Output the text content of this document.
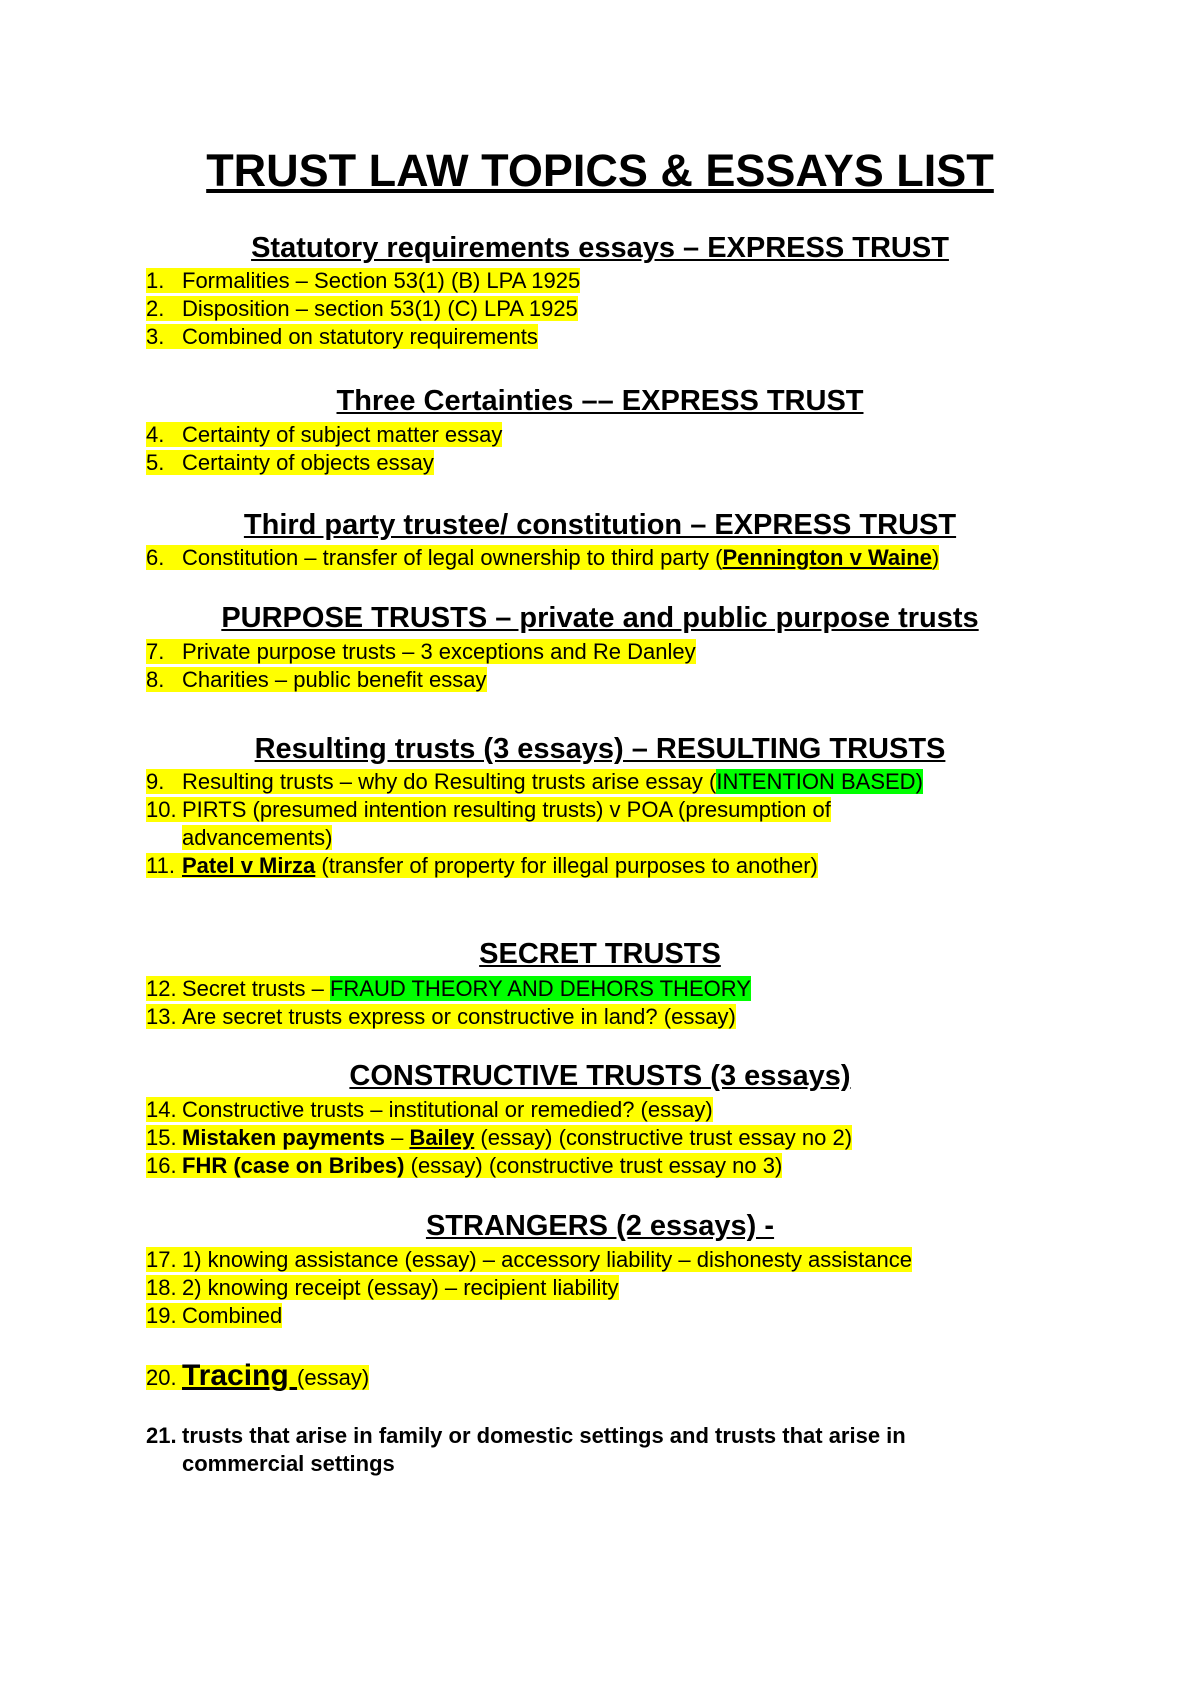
TRUST LAW TOPICS & ESSAYS LIST
Statutory requirements essays – EXPRESS TRUST
1. Formalities – Section 53(1) (B) LPA 1925
2. Disposition – section 53(1) (C) LPA 1925
3. Combined on statutory requirements
Three Certainties –– EXPRESS TRUST
4. Certainty of subject matter essay
5. Certainty of objects essay
Third party trustee/ constitution – EXPRESS TRUST
6. Constitution – transfer of legal ownership to third party (Pennington v Waine)
PURPOSE TRUSTS – private and public purpose trusts
7. Private purpose trusts – 3 exceptions and Re Danley
8. Charities – public benefit essay
Resulting trusts (3 essays) – RESULTING TRUSTS
9. Resulting trusts – why do Resulting trusts arise essay (INTENTION BASED)
10. PIRTS (presumed intention resulting trusts) v POA (presumption of
advancements)
11. Patel v Mirza (transfer of property for illegal purposes to another)
SECRET TRUSTS
12. Secret trusts – FRAUD THEORY AND DEHORS THEORY
13. Are secret trusts express or constructive in land? (essay)
CONSTRUCTIVE TRUSTS (3 essays)
14. Constructive trusts – institutional or remedied? (essay)
15. Mistaken payments – Bailey (essay) (constructive trust essay no 2)
16. FHR (case on Bribes) (essay) (constructive trust essay no 3)
STRANGERS (2 essays) -
17. 1) knowing assistance (essay) – accessory liability – dishonesty assistance
18. 2) knowing receipt (essay) – recipient liability
19. Combined
20. Tracing (essay)
21. trusts that arise in family or domestic settings and trusts that arise in
commercial settings
